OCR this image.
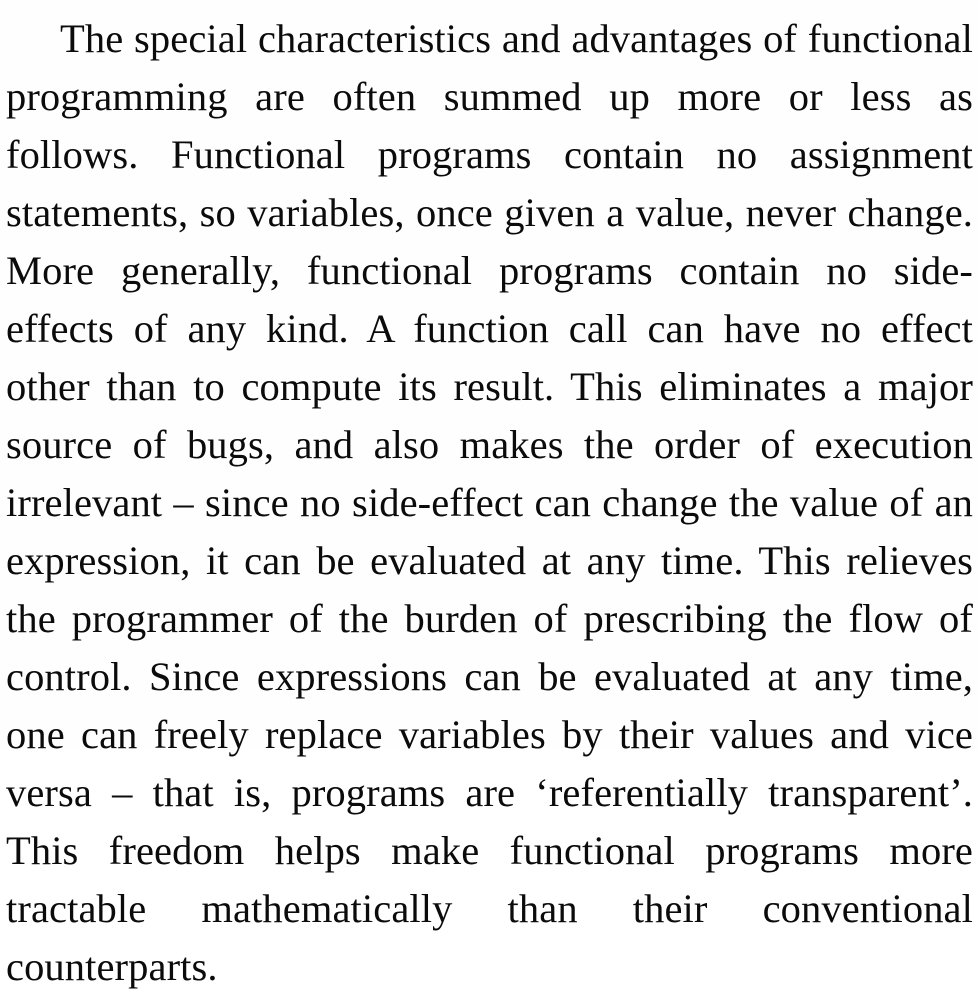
The special characteristics and advantages of functional programming are often summed up more or less as follows. Functional programs contain no assignment statements, so variables, once given a value, never change. More generally, functional programs contain no side-effects of any kind. A function call can have no effect other than to compute its result. This eliminates a major source of bugs, and also makes the order of execution irrelevant – since no side-effect can change the value of an expression, it can be evaluated at any time. This relieves the programmer of the burden of prescribing the flow of control. Since expressions can be evaluated at any time, one can freely replace variables by their values and vice versa – that is, programs are ‘referentially transparent’. This freedom helps make functional programs more tractable mathematically than their conventional counterparts.
